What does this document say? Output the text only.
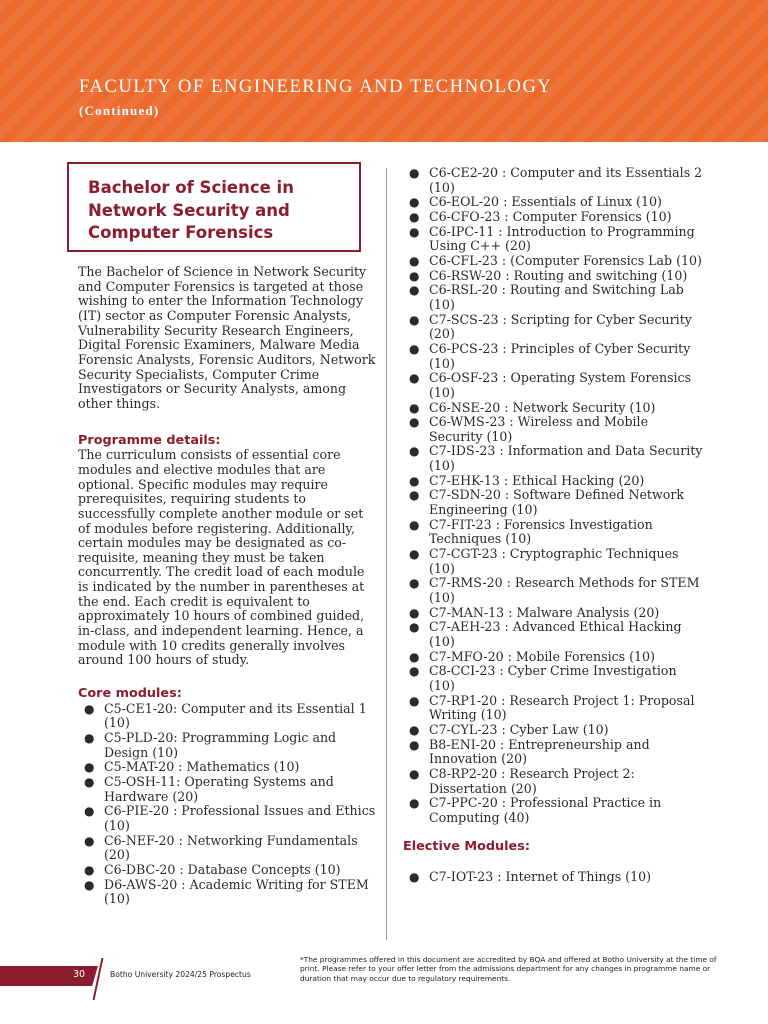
FACULTY OF ENGINEERING AND TECHNOLOGY
(Continued)
Bachelor of Science in Network Security and Computer Forensics

The Bachelor of Science in Network Security and Computer Forensics is targeted at those wishing to enter the Information Technology (IT) sector as Computer Forensic Analysts, Vulnerability Security Research Engineers, Digital Forensic Examiners, Malware Media Forensic Analysts, Forensic Auditors, Network Security Specialists, Computer Crime Investigators or Security Analysts, among other things.

Programme details:

The curriculum consists of essential core modules and elective modules that are optional. Specific modules may require prerequisites, requiring students to successfully complete another module or set of modules before registering. Additionally, certain modules may be designated as co-requisite, meaning they must be taken concurrently. The credit load of each module is indicated by the number in parentheses at the end. Each credit is equivalent to approximately 10 hours of combined guided, in-class, and independent learning. Hence, a module with 10 credits generally involves around 100 hours of study.

Core modules:
● C5-CE1-20: Computer and its Essential 1 (10)
● C5-PLD-20: Programming Logic and Design (10)
● C5-MAT-20 : Mathematics (10)
● C5-OSH-11: Operating Systems and Hardware (20)
● C6-PIE-20 : Professional Issues and Ethics (10)
● C6-NEF-20 : Networking Fundamentals (20)
● C6-DBC-20 : Database Concepts (10)
● D6-AWS-20 : Academic Writing for STEM (10)
● C6-CE2-20 : Computer and its Essentials 2 (10)
● C6-EOL-20 : Essentials of Linux (10)
● C6-CFO-23 : Computer Forensics (10)
● C6-IPC-11 : Introduction to Programming Using C++ (20)
● C6-CFL-23 : (Computer Forensics Lab (10)
● C6-RSW-20 : Routing and switching (10)
● C6-RSL-20 : Routing and Switching Lab (10)
● C7-SCS-23 : Scripting for Cyber Security (20)
● C6-PCS-23 : Principles of Cyber Security (10)
● C6-OSF-23 : Operating System Forensics (10)
● C6-NSE-20 : Network Security (10)
● C6-WMS-23 : Wireless and Mobile Security (10)
● C7-IDS-23 : Information and Data Security (10)
● C7-EHK-13 : Ethical Hacking (20)
● C7-SDN-20 : Software Defined Network Engineering (10)
● C7-FIT-23 : Forensics Investigation Techniques (10)
● C7-CGT-23 : Cryptographic Techniques (10)
● C7-RMS-20 : Research Methods for STEM (10)
● C7-MAN-13 : Malware Analysis (20)
● C7-AEH-23 : Advanced Ethical Hacking (10)
● C7-MFO-20 : Mobile Forensics (10)
● C8-CCI-23 : Cyber Crime Investigation (10)
● C7-RP1-20 : Research Project 1: Proposal Writing (10)
● C7-CYL-23 : Cyber Law (10)
● B8-ENI-20 : Entrepreneurship and Innovation (20)
● C8-RP2-20 : Research Project 2: Dissertation (20)
● C7-PPC-20 : Professional Practice in Computing (40)
Elective Modules:
● C7-IOT-23 : Internet of Things (10)
30	Botho University 2024/25 Prospectus
*The programmes offered in this document are accredited by BQA and offered at Botho University at the time of print. Please refer to your offer letter from the admissions department for any changes in programme name or duration that may occur due to regulatory requirements.
